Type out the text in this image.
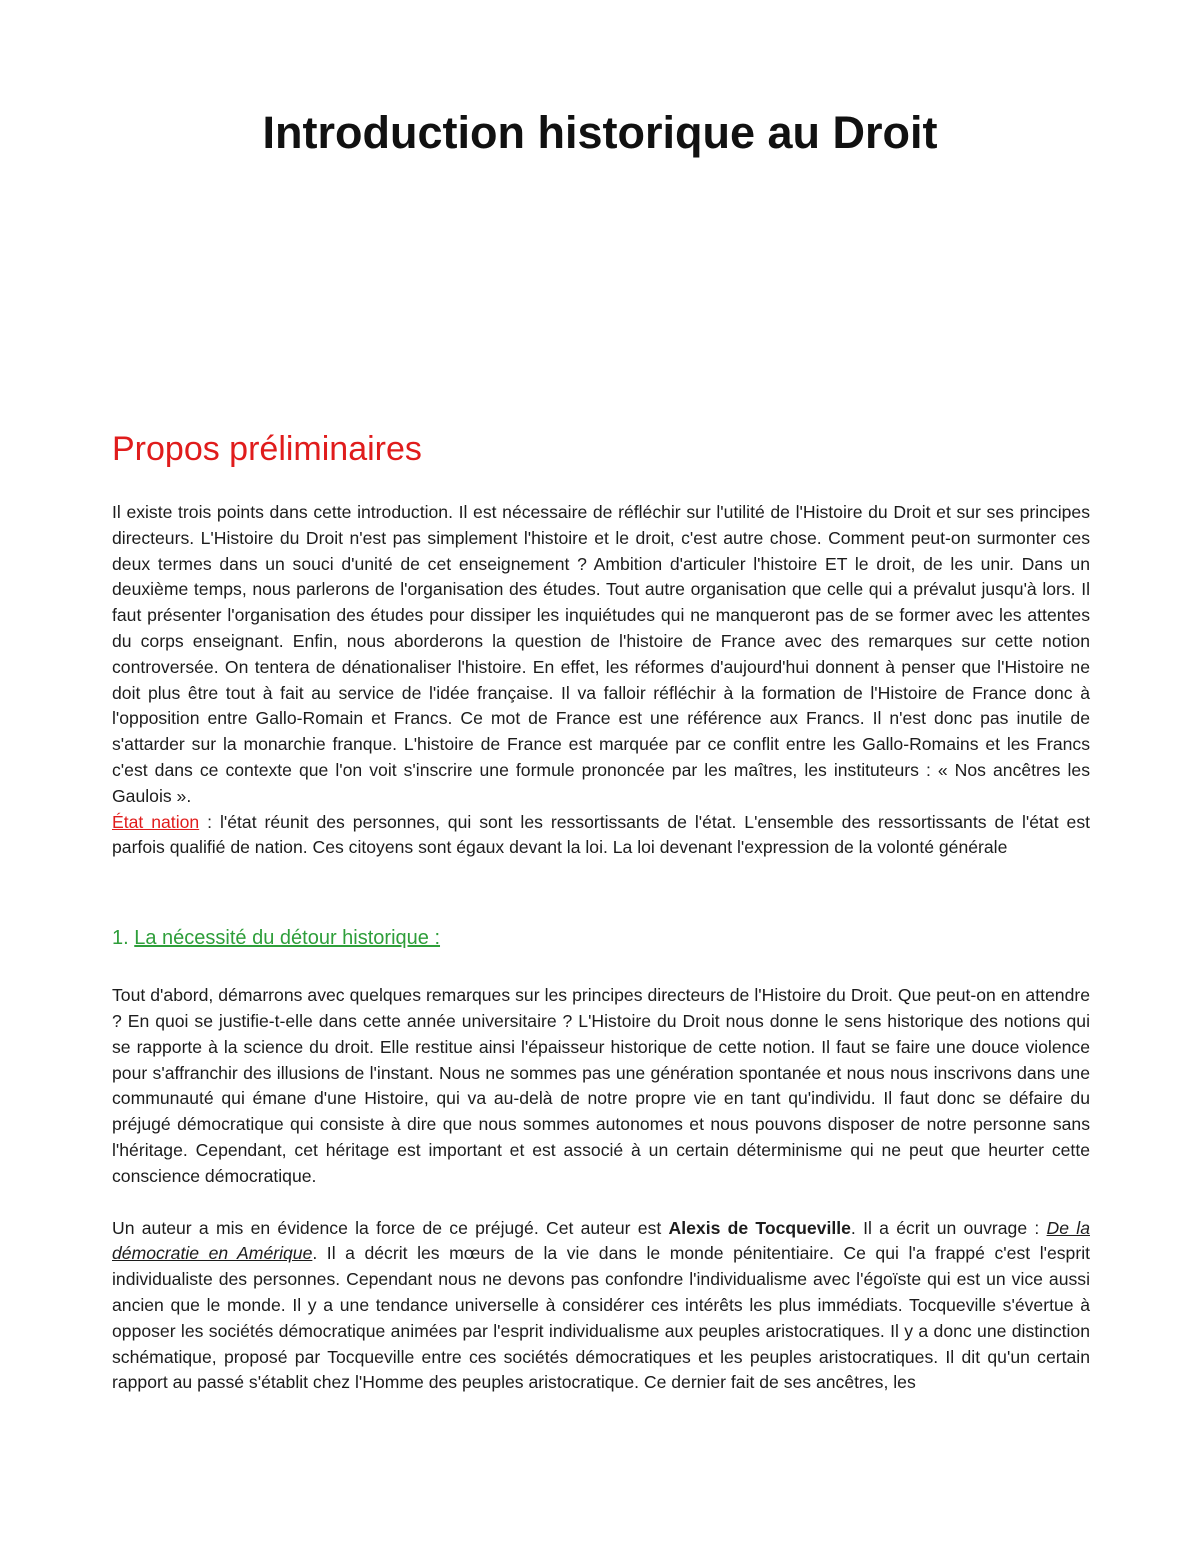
Introduction historique au Droit
Propos préliminaires

Il existe trois points dans cette introduction. Il est nécessaire de réfléchir sur l'utilité de l'Histoire du Droit et sur ses principes directeurs. L'Histoire du Droit n'est pas simplement l'histoire et le droit, c'est autre chose. Comment peut-on surmonter ces deux termes dans un souci d'unité de cet enseignement ? Ambition d'articuler l'histoire ET le droit, de les unir. Dans un deuxième temps, nous parlerons de l'organisation des études. Tout autre organisation que celle qui a prévalut jusqu'à lors. Il faut présenter l'organisation des études pour dissiper les inquiétudes qui ne manqueront pas de se former avec les attentes du corps enseignant. Enfin, nous aborderons la question de l'histoire de France avec des remarques sur cette notion controversée. On tentera de dénationaliser l'histoire. En effet, les réformes d'aujourd'hui donnent à penser que l'Histoire ne doit plus être tout à fait au service de l'idée française. Il va falloir réfléchir à la formation de l'Histoire de France donc à l'opposition entre Gallo-Romain et Francs. Ce mot de France est une référence aux Francs. Il n'est donc pas inutile de s'attarder sur la monarchie franque. L'histoire de France est marquée par ce conflit entre les Gallo-Romains et les Francs c'est dans ce contexte que l'on voit s'inscrire une formule prononcée par les maîtres, les instituteurs : « Nos ancêtres les Gaulois ».

État nation : l'état réunit des personnes, qui sont les ressortissants de l'état. L'ensemble des ressortissants de l'état est parfois qualifié de nation. Ces citoyens sont égaux devant la loi. La loi devenant l'expression de la volonté générale

1. La nécessité du détour historique :

Tout d'abord, démarrons avec quelques remarques sur les principes directeurs de l'Histoire du Droit. Que peut-on en attendre ? En quoi se justifie-t-elle dans cette année universitaire ? L'Histoire du Droit nous donne le sens historique des notions qui se rapporte à la science du droit. Elle restitue ainsi l'épaisseur historique de cette notion. Il faut se faire une douce violence pour s'affranchir des illusions de l'instant. Nous ne sommes pas une génération spontanée et nous nous inscrivons dans une communauté qui émane d'une Histoire, qui va au-delà de notre propre vie en tant qu'individu. Il faut donc se défaire du préjugé démocratique qui consiste à dire que nous sommes autonomes et nous pouvons disposer de notre personne sans l'héritage. Cependant, cet héritage est important et est associé à un certain déterminisme qui ne peut que heurter cette conscience démocratique.

Un auteur a mis en évidence la force de ce préjugé. Cet auteur est Alexis de Tocqueville. Il a écrit un ouvrage : De la démocratie en Amérique. Il a décrit les mœurs de la vie dans le monde pénitentiaire. Ce qui l'a frappé c'est l'esprit individualiste des personnes. Cependant nous ne devons pas confondre l'individualisme avec l'égoïste qui est un vice aussi ancien que le monde. Il y a une tendance universelle à considérer ces intérêts les plus immédiats. Tocqueville s'évertue à opposer les sociétés démocratique animées par l'esprit individualisme aux peuples aristocratiques. Il y a donc une distinction schématique, proposé par Tocqueville entre ces sociétés démocratiques et les peuples aristocratiques. Il dit qu'un certain rapport au passé s'établit chez l'Homme des peuples aristocratique. Ce dernier fait de ses ancêtres, les
